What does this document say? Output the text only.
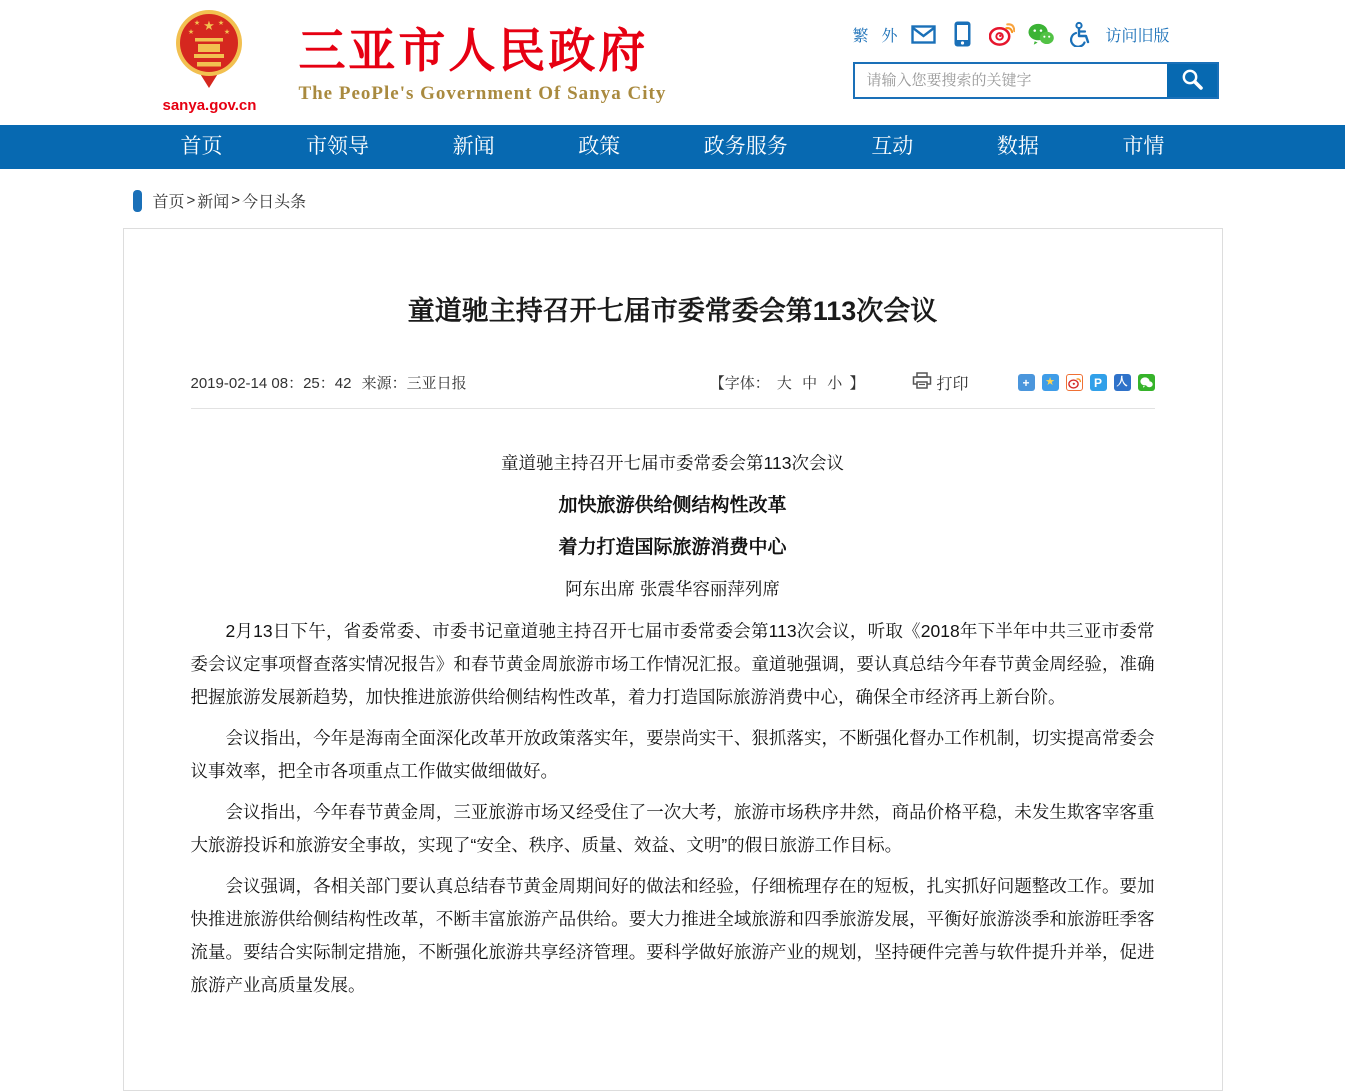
★
★	★
★	★
sanya.gov.cn
三亚市人民政府
The PeoPle's Government Of Sanya City
繁 外	访问旧版
请输入您要搜索的关键字
首页	市领导	新闻	政策	政务服务	互动	数据	市情
首页 > 新闻 > 今日头条
童道驰主持召开七届市委常委会第113次会议
2019-02-14 08：25：42 来源：三亚日报	【字体： 大 中 小 】	打印	+	★	P	人

童道驰主持召开七届市委常委会第113次会议

加快旅游供给侧结构性改革

着力打造国际旅游消费中心

阿东出席 张震华容丽萍列席

2月13日下午，省委常委、市委书记童道驰主持召开七届市委常委会第113次会议，听取《2018年下半年中共三亚市委常委会议定事项督查落实情况报告》和春节黄金周旅游市场工作情况汇报。童道驰强调，要认真总结今年春节黄金周经验，准确把握旅游发展新趋势，加快推进旅游供给侧结构性改革，着力打造国际旅游消费中心，确保全市经济再上新台阶。

会议指出，今年是海南全面深化改革开放政策落实年，要崇尚实干、狠抓落实，不断强化督办工作机制，切实提高常委会议事效率，把全市各项重点工作做实做细做好。

会议指出，今年春节黄金周，三亚旅游市场又经受住了一次大考，旅游市场秩序井然，商品价格平稳，未发生欺客宰客重大旅游投诉和旅游安全事故，实现了“安全、秩序、质量、效益、文明”的假日旅游工作目标。

会议强调，各相关部门要认真总结春节黄金周期间好的做法和经验，仔细梳理存在的短板，扎实抓好问题整改工作。要加快推进旅游供给侧结构性改革，不断丰富旅游产品供给。要大力推进全域旅游和四季旅游发展，平衡好旅游淡季和旅游旺季客流量。要结合实际制定措施，不断强化旅游共享经济管理。要科学做好旅游产业的规划，坚持硬件完善与软件提升并举，促进旅游产业高质量发展。
